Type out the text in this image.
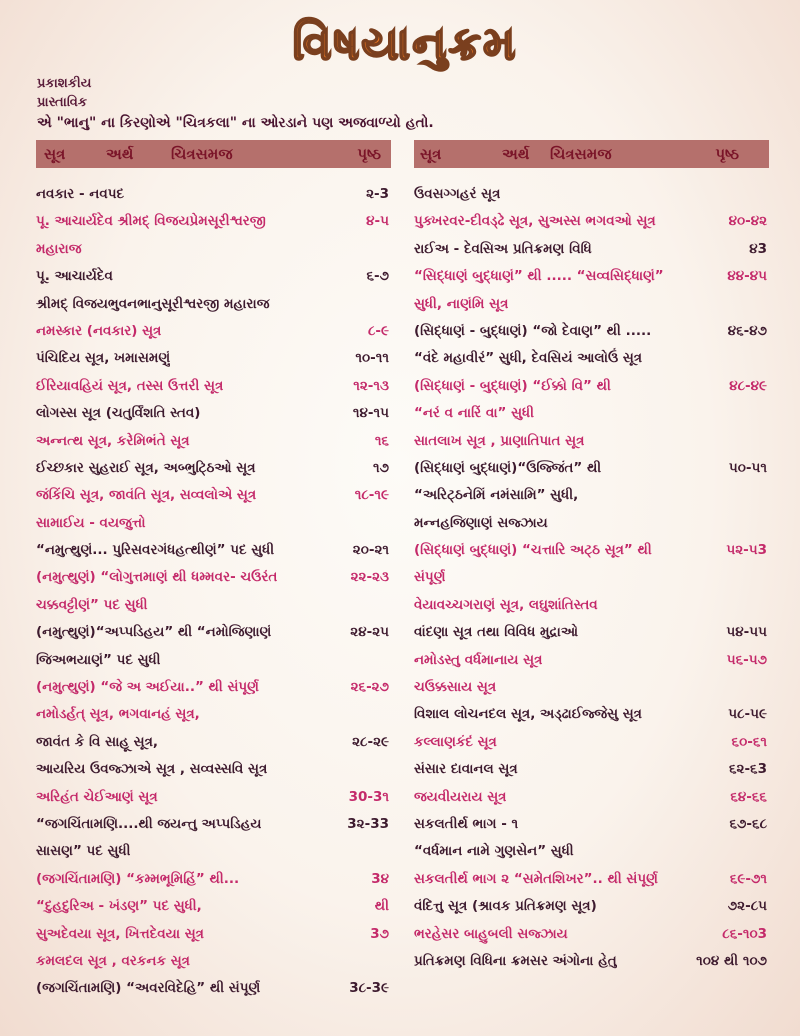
વિષયાનુક્રમ
પ્રકાશકીય
પ્રાસ્તાવિક
એ "ભાનુ" ના કિરણોએ "ચિત્રકલા" ના ઓરડાને પણ અજવાળ્યો હતો.
સૂત્ર	અર્થ	ચિત્રસમજ	પૃષ્ઠ
નવકાર - નવપદ	૨-3
પૂ. આચાર્યદેવ શ્રીમદ્ વિજયપ્રેમસૂરીશ્વરજી	૪-૫
મહારાજ
પૂ. આચાર્યદેવ	૬-૭
શ્રીમદ્ વિજયભુવનભાનુસૂરીશ્વરજી મહારાજ
નમસ્કાર (નવકાર) સૂત્ર	૮-૯
પંચિદિય સૂત્ર, ખમાસમણું	૧૦-૧૧
ઈરિયાવહિયં સૂત્ર, તસ્સ ઉત્તરી સૂત્ર	૧૨-૧૩
લોગસ્સ સૂત્ર (ચતુર્વિંશતિ સ્તવ)	૧૪-૧૫
અન્નત્થ સૂત્ર, કરેમિભંતે સૂત્ર	૧૬
ઈચ્છકાર સુહરાઈ સૂત્ર, અબ્ભુટ્ઠિઓ સૂત્ર	૧૭
જંકિંચિ સૂત્ર, જાવંતિ સૂત્ર, સવ્વલોએ સૂત્ર	૧૮-૧૯
સામાઈય - વયજુત્તો
“નમુત્થુણં... પુરિસવરગંધહત્થીણં” પદ સુધી	૨૦-૨૧
(નમુત્થુણં) “લોગુત્તમાણં થી ધમ્મવર- ચઉરંત	૨૨-૨૩
ચક્કવટ્ટીણં” પદ સુધી
(નમુત્થુણં)“અપ્પડિહય” થી “નમોજિણાણં	૨૪-૨૫
જિઅભયાણં” પદ સુધી
(નમુત્થુણં) “જે અ અઈયા..” થી સંપૂર્ણ	૨૬-૨૭
નમોડર્હત્ સૂત્ર, ભગવાનહં સૂત્ર,
જાવંત કે વિ સાહૂ સૂત્ર,	૨૮-૨૯
આયરિય ઉવજ્ઝાએ સૂત્ર , સવ્વસ્સવિ સૂત્ર
અરિહંત ચેઈઆણં સૂત્ર	30-3૧
“જગચિંતામણિ....થી જયન્તુ અપ્પડિહય	3૨-33
સાસણ” પદ સુધી
(જગચિંતામણિ) “કમ્મભૂમિહિં” થી...	3૪
“દુહદુરિઅ - ખંડણ” પદ સુધી,	થી
સુઅદેવયા સૂત્ર, ખિત્તદેવયા સૂત્ર	3૭
કમલદલ સૂત્ર , વરકનક સૂત્ર
(જગચિંતામણિ) “અવરવિદેહિ” થી સંપૂર્ણ	3૮-3૯
સૂત્ર	અર્થ ચિત્રસમજ	પૃષ્ઠ
ઉવસગ્ગહરં સૂત્ર
પુક્ખરવર-દીવડ્ઢે સૂત્ર, સુઅસ્સ ભગવઓ સૂત્ર	૪૦-૪૨
રાઈઅ - દેવસિઅ પ્રતિક્રમણ વિધિ	૪3
“સિદ્ધાણં બુદ્ધાણં” થી ..... “સવ્વસિદ્ધાણં”	૪૪-૪૫
સુધી, નાણંમિ સૂત્ર
(સિદ્ધાણં - બુદ્ધાણં) “જો દેવાણ” થી .....	૪૬-૪૭
“વંદે મહાવીરં” સુધી, દેવસિયં આલોઉં સૂત્ર
(સિદ્ધાણં - બુદ્ધાણં) “ઈક્કો વિ” થી	૪૮-૪૯
“નરં વ નારિં વા” સુધી
સાતલાખ સૂત્ર , પ્રાણાતિપાત સૂત્ર
(સિદ્ધાણં બુદ્ધાણં)“ઉજ્જિંત” થી	૫૦-૫૧
“અરિટ્ઠનેમિં નમંસામિ” સુધી,
મન્નહજિણાણં સજ્ઝાય
(સિદ્ધાણં બુદ્ધાણં) “ચત્તારિ અટ્ઠ સૂત્ર” થી	૫૨-૫3
સંપૂર્ણ
વેયાવચ્ચગરાણં સૂત્ર, લઘુશાંતિસ્તવ
વાંદણા સૂત્ર તથા વિવિધ મુદ્રાઓ	૫૪-૫૫
નમોડસ્તુ વર્ધમાનાય સૂત્ર	૫૬-૫૭
ચઉક્કસાય સૂત્ર
વિશાલ લોચનદલ સૂત્ર, અડ્ઢાઈજ્જેસુ સૂત્ર	૫૮-૫૯
કલ્લાણકંદં સૂત્ર	૬૦-૬૧
સંસાર દાવાનલ સૂત્ર	૬૨-૬3
જયવીયરાય સૂત્ર	૬૪-૬૬
સકલતીર્થ ભાગ - ૧	૬૭-૬૮
“વર્ધમાન નામે ગુણસેન” સુધી
સકલતીર્થ ભાગ ૨ “સમેતશિખર”.. થી સંપૂર્ણ	૬૯-૭૧
વંદિત્તુ સૂત્ર (શ્રાવક પ્રતિક્રમણ સૂત્ર)	૭૨-૮૫
ભરહેસર બાહુબલી સજ્ઝાય	૮૬-૧૦3
પ્રતિક્રમણ વિધિના ક્રમસર અંગોના હેતુ	૧૦૪ થી ૧૦૭
